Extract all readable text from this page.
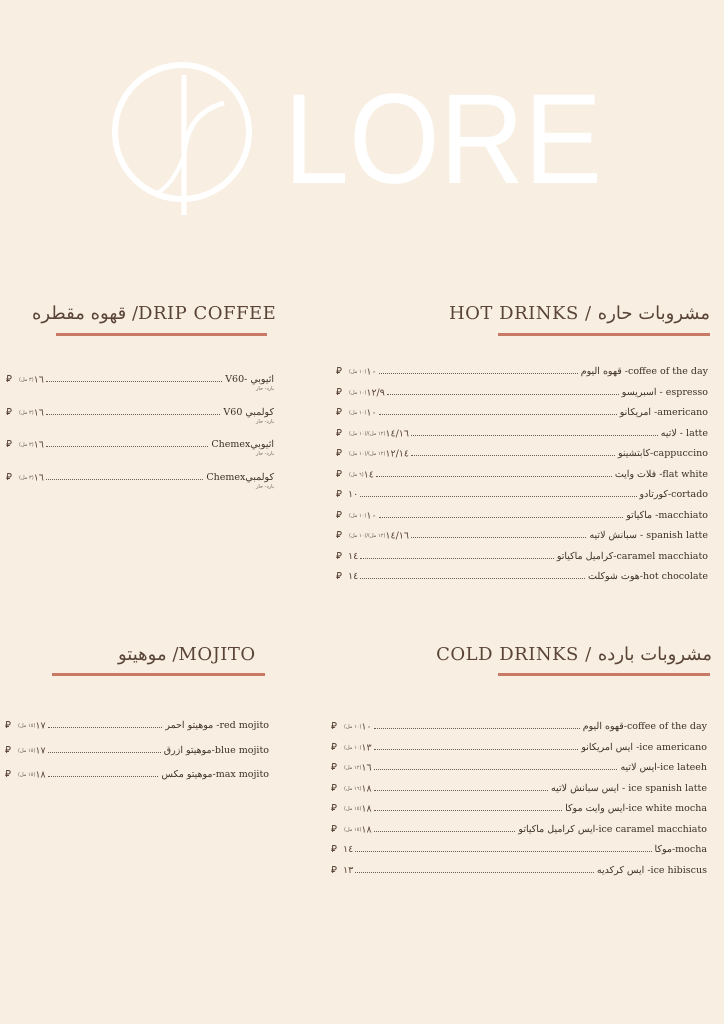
LORE
HOT DRINKS / مشروبات حاره
قهوه مقطره /DRIP COFFEE
COLD DRINKS / مشروبات بارده
موهيتو /MOJITO
⃁	١٠(١٠ مل)	قهوه اليوم -coffee of the day
⃁	١٢/٩(١٠ مل)	اسبريسو - espresso
⃁	١٠(١٠ مل)	امريكانو -americano
⃁	١٤/١٦(١٢ مل)/(١٠ مل)	لاتيه - latte
⃁	١٢/١٤(١٢ مل)/(١٠ مل)	كابتشينو-cappuccino
⃁	١٤(٦ مل)	فلات وايت -flat white
⃁ ١٠	كورتادو-cortado
⃁	١٠(١٠ مل)	ماكياتو -macchiato
⃁	١٤/١٦(١٢ مل)/(١٠ مل)	سبانش لاتيه - spanish latte
⃁ ١٤	كراميل ماكياتو-caramel macchiato
⃁ ١٤	هوت شوكلت-hot chocolate
⃁	١٦(٣ مل)	V60- اثيوبي
بارد- حار
⃁	١٦(٣ مل)	V60 كولمبي
بارد- حار
⃁	١٦(٣ مل)	Chemexاثيوبي
بارد- حار
⃁	١٦(٣ مل)	Chemexكولمبي
بارد- حار
⃁	١٠(١٠ مل)	قهوه اليوم-coffee of the day
⃁	١٣(١٠ مل)	ايس امريكانو -ice americano
⃁	١٦(١٢ مل)	ايس لاتيه-ice lateeh
⃁	١٨(١٦ مل)	ايس سبانش لاتيه - ice spanish latte
⃁	١٨(١٥ مل)	ايس وايت موكا-ice white mocha
⃁	١٨(١٥ مل)	ايس كراميل ماكياتو-ice caramel macchiato
⃁ ١٤	موكا-mocha
⃁ ١٣	ايس كركديه -ice hibiscus
⃁	١٧(١٥ مل)	موهيتو احمر -red mojito
⃁	١٧(١٥ مل)	موهيتو ازرق-blue mojito
⃁	١٨(١٥ مل)	موهيتو مكس-max mojito
